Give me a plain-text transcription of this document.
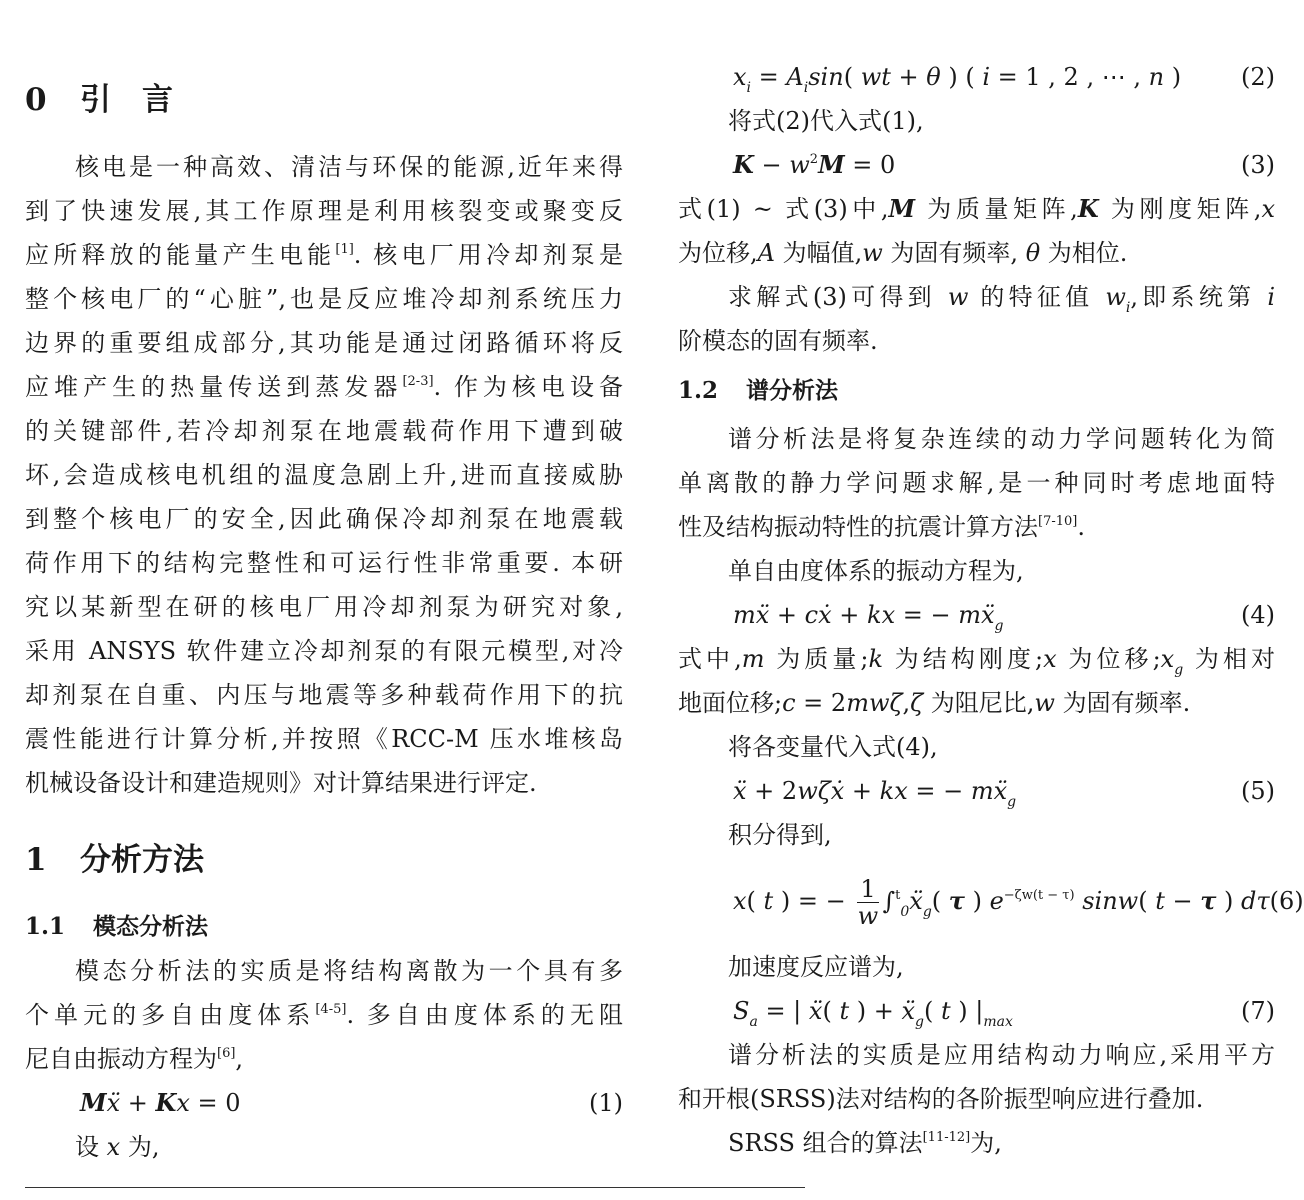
0 引　言
核电是一种高效、清洁与环保的能源,近年来得
到了快速发展,其工作原理是利用核裂变或聚变反
应所释放的能量产生电能[1]. 核电厂用冷却剂泵是
整个核电厂的“心脏”,也是反应堆冷却剂系统压力
边界的重要组成部分,其功能是通过闭路循环将反
应堆产生的热量传送到蒸发器[2-3]. 作为核电设备
的关键部件,若冷却剂泵在地震载荷作用下遭到破
坏,会造成核电机组的温度急剧上升,进而直接威胁
到整个核电厂的安全,因此确保冷却剂泵在地震载
荷作用下的结构完整性和可运行性非常重要. 本研
究以某新型在研的核电厂用冷却剂泵为研究对象,
采用 ANSYS 软件建立冷却剂泵的有限元模型,对冷
却剂泵在自重、内压与地震等多种载荷作用下的抗
震性能进行计算分析,并按照《RCC-M 压水堆核岛
机械设备设计和建造规则》对计算结果进行评定.
1 分析方法
1.1 模态分析法
模态分析法的实质是将结构离散为一个具有多
个单元的多自由度体系[4-5]. 多自由度体系的无阻
尼自由振动方程为[6],
Mẍ + Kx = 0	(1)
设 x 为,
$x_i = A_i\sin$( wt + θ ) ( i = 1 , 2 , ⋯ , n ) (2)
将式(2)代入式(1),
$K - w^2M = 0$	(3)
式(1) ~ 式(3)中,M 为质量矩阵,K 为刚度矩阵,x
为位移,A 为幅值,w 为固有频率, θ 为相位.
求解式(3)可得到 w 的特征值 $w_i$,即系统第 i
阶模态的固有频率.
1.2 谱分析法
谱分析法是将复杂连续的动力学问题转化为简
单离散的静力学问题求解,是一种同时考虑地面特
性及结构振动特性的抗震计算方法[7-10].
单自由度体系的振动方程为,
mẍ + cẋ + kx = − mẍ$_g$	(4)
式中,m 为质量;k 为结构刚度;x 为位移$;x_g$ 为相对
地面位移;c = 2mwζ,ζ 为阻尼比,w 为固有频率.
将各变量代入式(4),
ẍ + 2wζẋ + kx = − mẍ$_g$	(5)
积分得到,
x( t ) = − $\frac{1}{w}$ ∫$^t_0$ẍ$_g$( τ ) $e^{-\zeta w(t - \tau)}$ sinw( t − τ ) dτ (6)
加速度反应谱为,
$S_a$ = | ẍ( t ) + ẍ$_g$( t ) $|_{max}$	(7)
谱分析法的实质是应用结构动力响应,采用平方
和开根(SRSS)法对结构的各阶振型响应进行叠加.
SRSS 组合的算法[11-12]为,
